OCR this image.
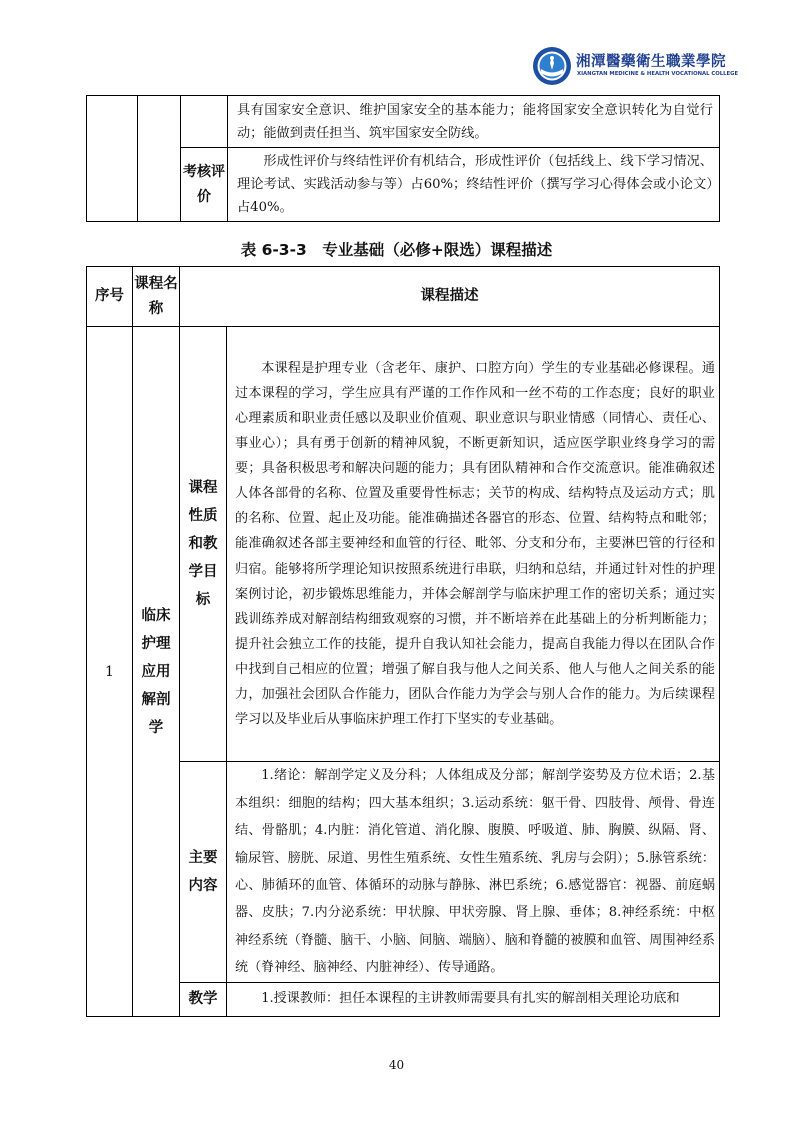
湘潭醫藥衛生職業學院
XIANGTAN MEDICINE & HEALTH VOCATIONAL COLLEGE
			具有国家安全意识、维护国家安全的基本能力；能将国家安全意识转化为自觉行动；能做到责任担当、筑牢国家安全防线。
		考核评价	形成性评价与终结性评价有机结合，形成性评价（包括线上、线下学习情况、理论考试、实践活动参与等）占60%；终结性评价（撰写学习心得体会或小论文）占40%。
表 6-3-3　专业基础（必修+限选）课程描述
序号	课程名称	课程描述	
1	临床护理应用解剖学	课程性质和教学目标	本课程是护理专业（含老年、康护、口腔方向）学生的专业基础必修课程。通过本课程的学习，学生应具有严谨的工作作风和一丝不苟的工作态度；良好的职业心理素质和职业责任感以及职业价值观、职业意识与职业情感（同情心、责任心、事业心）；具有勇于创新的精神风貌，不断更新知识，适应医学职业终身学习的需要；具备积极思考和解决问题的能力；具有团队精神和合作交流意识。能准确叙述人体各部骨的名称、位置及重要骨性标志；关节的构成、结构特点及运动方式；肌的名称、位置、起止及功能。能准确描述各器官的形态、位置、结构特点和毗邻；能准确叙述各部主要神经和血管的行径、毗邻、分支和分布，主要淋巴管的行径和归宿。能够将所学理论知识按照系统进行串联，归纳和总结，并通过针对性的护理案例讨论，初步锻炼思维能力，并体会解剖学与临床护理工作的密切关系；通过实践训练养成对解剖结构细致观察的习惯，并不断培养在此基础上的分析判断能力；提升社会独立工作的技能，提升自我认知社会能力，提高自我能力得以在团队合作中找到自己相应的位置；增强了解自我与他人之间关系、他人与他人之间关系的能力，加强社会团队合作能力，团队合作能力为学会与别人合作的能力。为后续课程学习以及毕业后从事临床护理工作打下坚实的专业基础。
		主要内容	1.绪论：解剖学定义及分科；人体组成及分部；解剖学姿势及方位术语；2.基本组织：细胞的结构；四大基本组织；3.运动系统：躯干骨、四肢骨、颅骨、骨连结、骨骼肌；4.内脏：消化管道、消化腺、腹膜、呼吸道、肺、胸膜、纵隔、肾、输尿管、膀胱、尿道、男性生殖系统、女性生殖系统、乳房与会阴）；5.脉管系统：心、肺循环的血管、体循环的动脉与静脉、淋巴系统；6.感觉器官：视器、前庭蜗器、皮肤；7.内分泌系统：甲状腺、甲状旁腺、肾上腺、垂体；8.神经系统：中枢神经系统（脊髓、脑干、小脑、间脑、端脑）、脑和脊髓的被膜和血管、周围神经系统（脊神经、脑神经、内脏神经）、传导通路。
		教学	1.授课教师：担任本课程的主讲教师需要具有扎实的解剖相关理论功底和
40
